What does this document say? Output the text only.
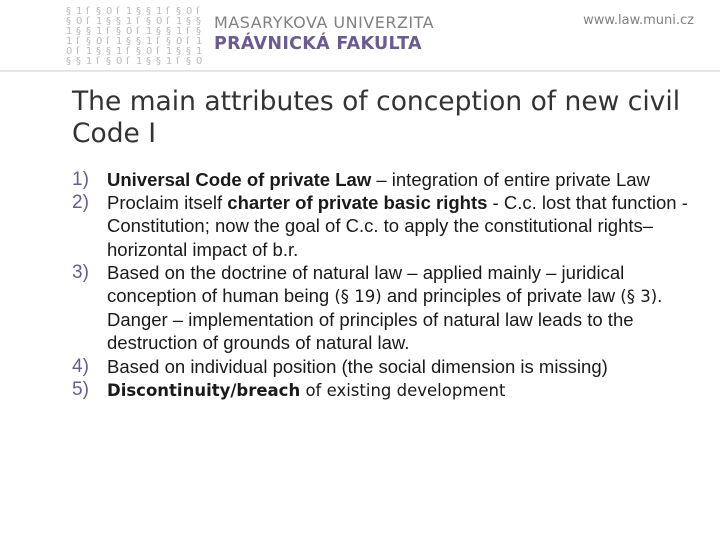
§ 1 ſ § 0 ſ 1 § § 1 ſ § 0 ſ
§ 0 ſ 1 § § 1 ſ § 0 ſ 1 § §
1 § § 1 ſ § 0 ſ 1 § § 1 ſ §
1 ſ § 0 ſ 1 § § 1 ſ § 0 ſ 1
0 ſ 1 § § 1 ſ § 0 ſ 1 § § 1
§ § 1 ſ § 0 ſ 1 § § 1 ſ § 0
MASARYKOVA UNIVERZITA
PRÁVNICKÁ FAKULTA
www.law.muni.cz
The main attributes of conception of new civil Code I
1) Universal Code of private Law – integration of entire private Law
2) Proclaim itself charter of private basic rights - C.c. lost that function - Constitution; now the goal of C.c. to apply the constitutional rights–horizontal impact of b.r.
3) Based on the doctrine of natural law – applied mainly – juridical conception of human being (§ 19) and principles of private law (§ 3). Danger – implementation of principles of natural law leads to the destruction of grounds of natural law.
4) Based on individual position (the social dimension is missing)
5) Discontinuity/breach of existing development
